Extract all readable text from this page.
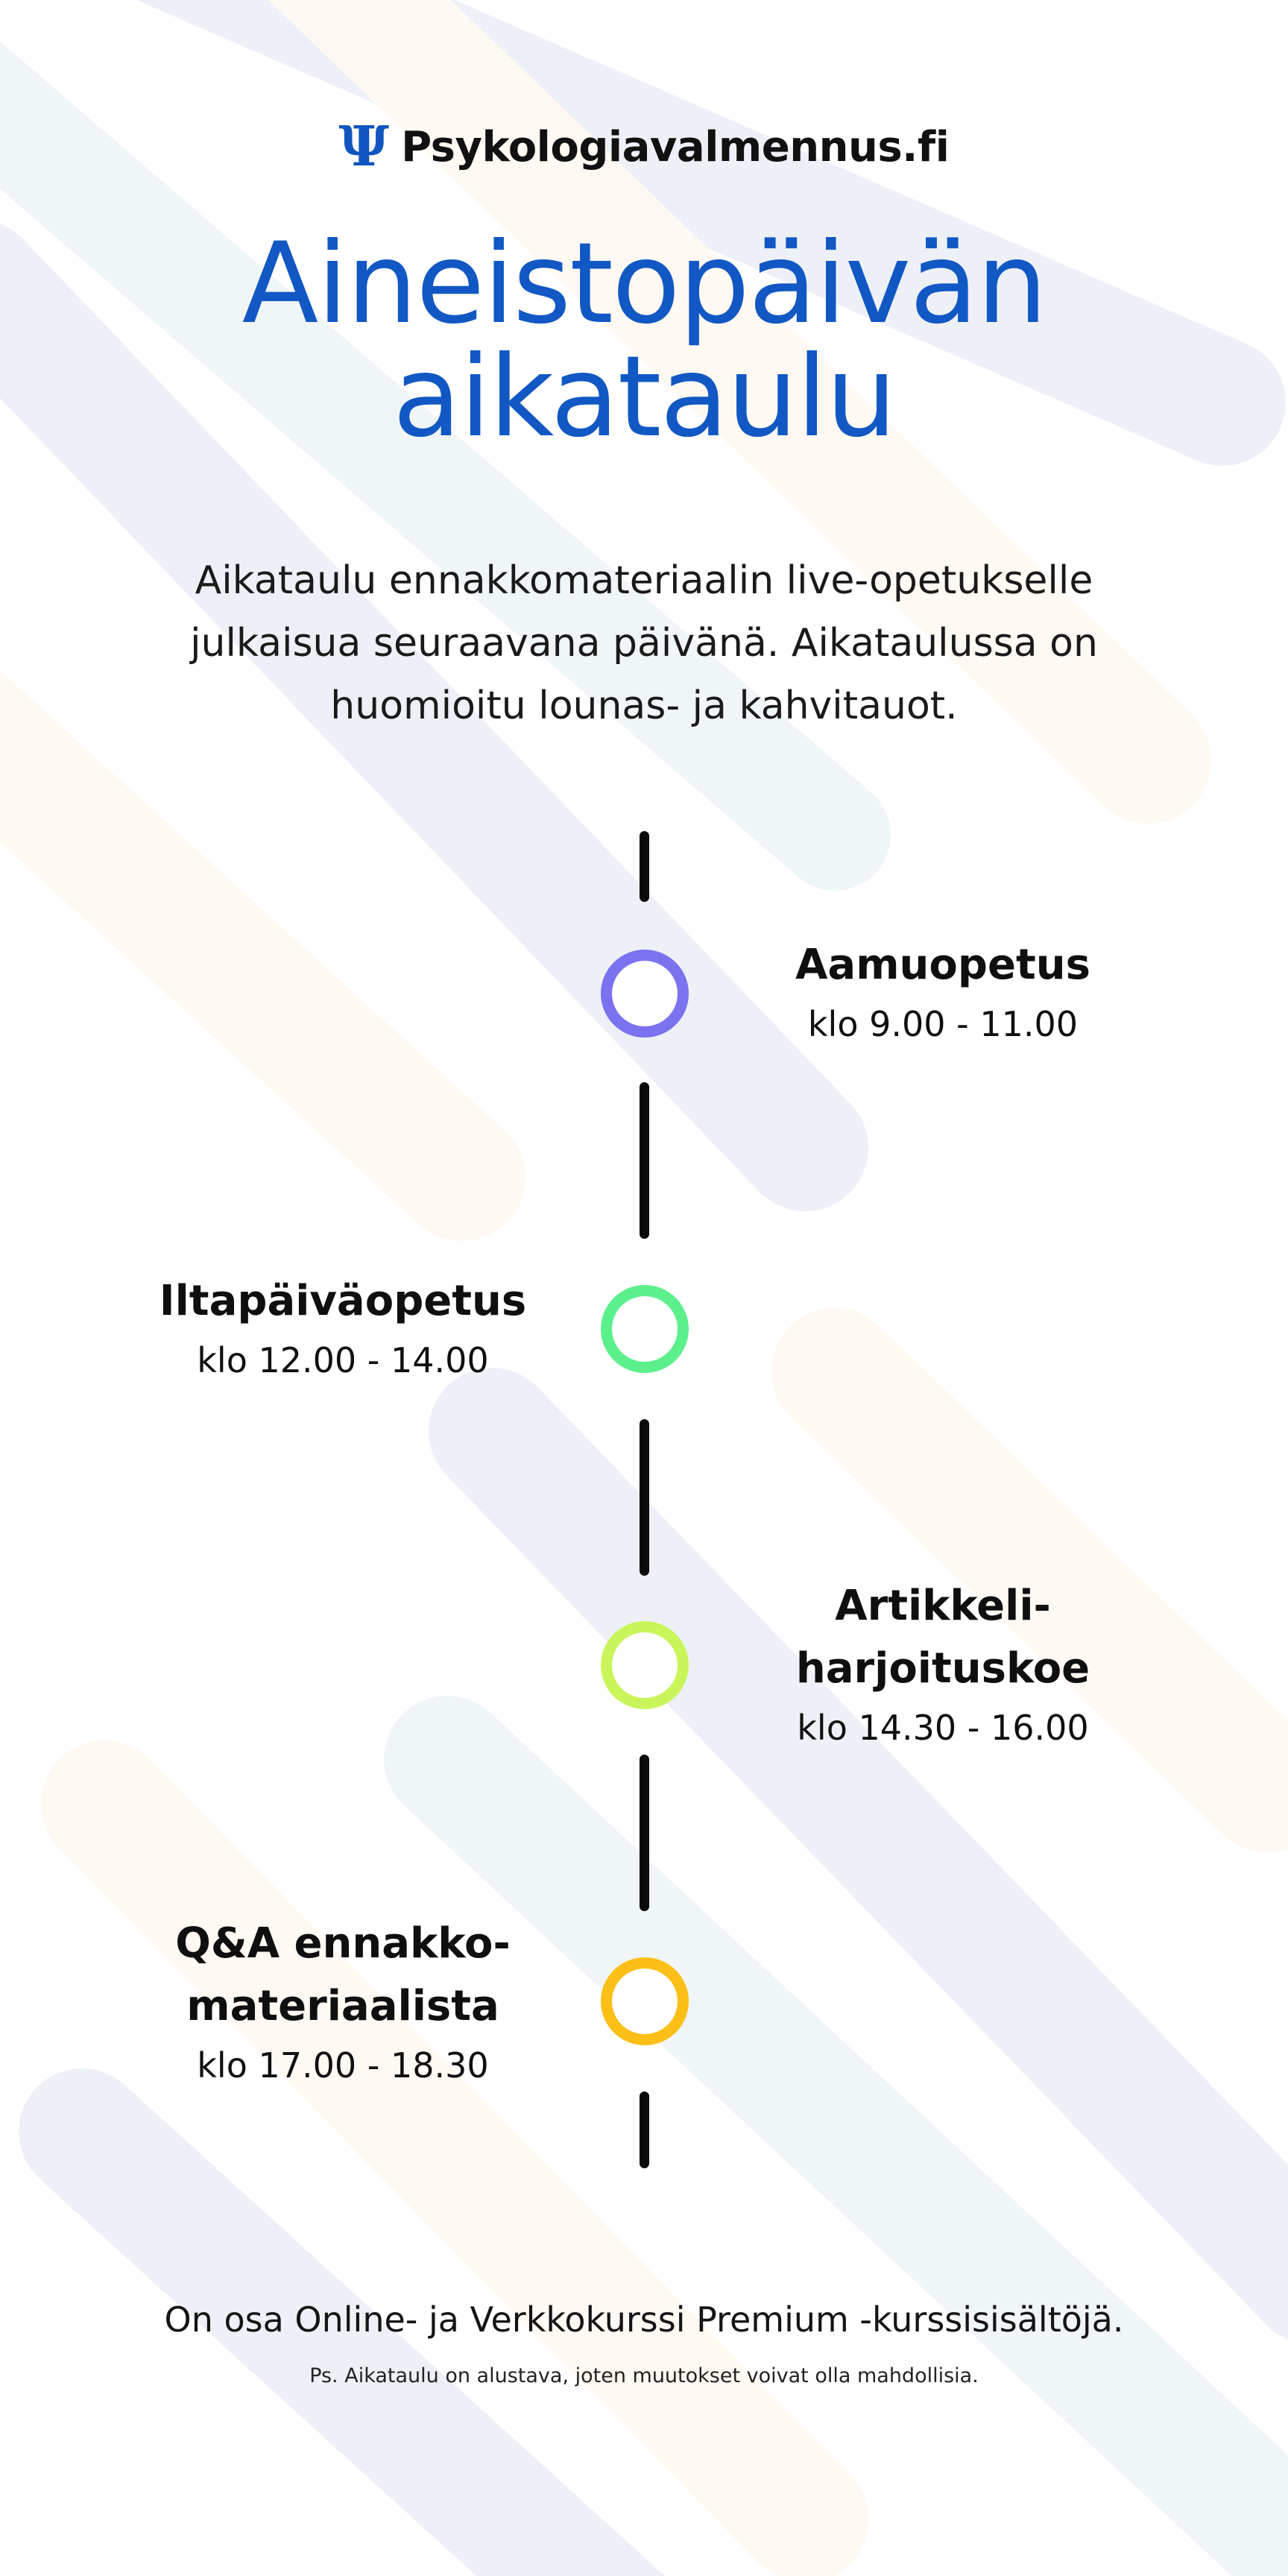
Ψ Psykologiavalmennus.fi
Aineistopäivän
aikataulu

Aikataulu ennakkomateriaalin live-opetukselle julkaisua seuraavana päivänä. Aikataulussa on huomioitu lounas- ja kahvitauot.

Aamuopetus
klo 9.00 - 11.00
Iltapäiväopetus
klo 12.00 - 14.00
Artikkeli-
harjoituskoe
klo 14.30 - 16.00
Q&A ennakko-
materiaalista
klo 17.00 - 18.30

On osa Online- ja Verkkokurssi Premium -kurssisisältöjä.

Ps. Aikataulu on alustava, joten muutokset voivat olla mahdollisia.
